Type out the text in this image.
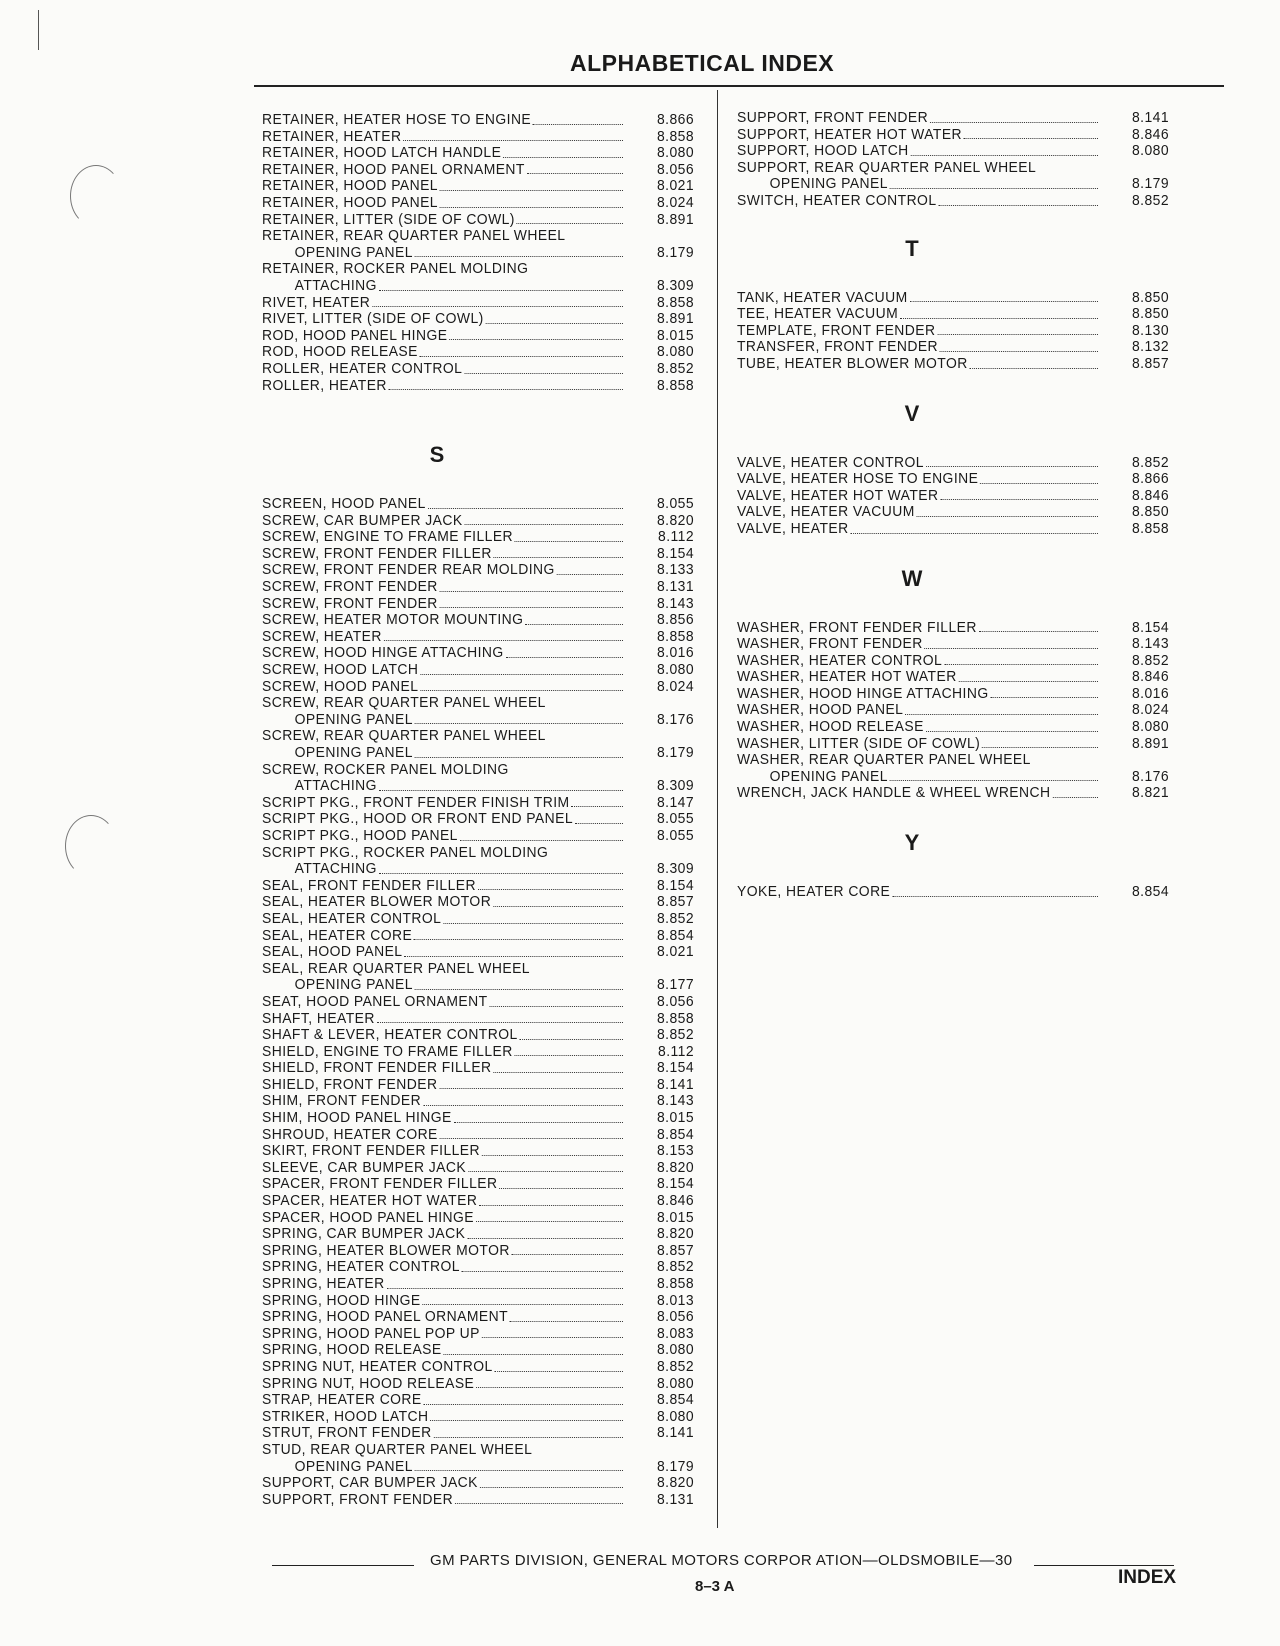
ALPHABETICAL INDEX
RETAINER, HEATER HOSE TO ENGINE	8.866
RETAINER, HEATER	8.858
RETAINER, HOOD LATCH HANDLE	8.080
RETAINER, HOOD PANEL ORNAMENT	8.056
RETAINER, HOOD PANEL	8.021
RETAINER, HOOD PANEL	8.024
RETAINER, LITTER (SIDE OF COWL)	8.891
RETAINER, REAR QUARTER PANEL WHEEL
OPENING PANEL	8.179
RETAINER, ROCKER PANEL MOLDING
ATTACHING	8.309
RIVET, HEATER	8.858
RIVET, LITTER (SIDE OF COWL)	8.891
ROD, HOOD PANEL HINGE	8.015
ROD, HOOD RELEASE	8.080
ROLLER, HEATER CONTROL	8.852
ROLLER, HEATER	8.858
S
SCREEN, HOOD PANEL	8.055
SCREW, CAR BUMPER JACK	8.820
SCREW, ENGINE TO FRAME FILLER	8.112
SCREW, FRONT FENDER FILLER	8.154
SCREW, FRONT FENDER REAR MOLDING	8.133
SCREW, FRONT FENDER	8.131
SCREW, FRONT FENDER	8.143
SCREW, HEATER MOTOR MOUNTING	8.856
SCREW, HEATER	8.858
SCREW, HOOD HINGE ATTACHING	8.016
SCREW, HOOD LATCH	8.080
SCREW, HOOD PANEL	8.024
SCREW, REAR QUARTER PANEL WHEEL
OPENING PANEL	8.176
SCREW, REAR QUARTER PANEL WHEEL
OPENING PANEL	8.179
SCREW, ROCKER PANEL MOLDING
ATTACHING	8.309
SCRIPT PKG., FRONT FENDER FINISH TRIM	8.147
SCRIPT PKG., HOOD OR FRONT END PANEL	8.055
SCRIPT PKG., HOOD PANEL	8.055
SCRIPT PKG., ROCKER PANEL MOLDING
ATTACHING	8.309
SEAL, FRONT FENDER FILLER	8.154
SEAL, HEATER BLOWER MOTOR	8.857
SEAL, HEATER CONTROL	8.852
SEAL, HEATER CORE	8.854
SEAL, HOOD PANEL	8.021
SEAL, REAR QUARTER PANEL WHEEL
OPENING PANEL	8.177
SEAT, HOOD PANEL ORNAMENT	8.056
SHAFT, HEATER	8.858
SHAFT & LEVER, HEATER CONTROL	8.852
SHIELD, ENGINE TO FRAME FILLER	8.112
SHIELD, FRONT FENDER FILLER	8.154
SHIELD, FRONT FENDER	8.141
SHIM, FRONT FENDER	8.143
SHIM, HOOD PANEL HINGE	8.015
SHROUD, HEATER CORE	8.854
SKIRT, FRONT FENDER FILLER	8.153
SLEEVE, CAR BUMPER JACK	8.820
SPACER, FRONT FENDER FILLER	8.154
SPACER, HEATER HOT WATER	8.846
SPACER, HOOD PANEL HINGE	8.015
SPRING, CAR BUMPER JACK	8.820
SPRING, HEATER BLOWER MOTOR	8.857
SPRING, HEATER CONTROL	8.852
SPRING, HEATER	8.858
SPRING, HOOD HINGE	8.013
SPRING, HOOD PANEL ORNAMENT	8.056
SPRING, HOOD PANEL POP UP	8.083
SPRING, HOOD RELEASE	8.080
SPRING NUT, HEATER CONTROL	8.852
SPRING NUT, HOOD RELEASE	8.080
STRAP, HEATER CORE	8.854
STRIKER, HOOD LATCH	8.080
STRUT, FRONT FENDER	8.141
STUD, REAR QUARTER PANEL WHEEL
OPENING PANEL	8.179
SUPPORT, CAR BUMPER JACK	8.820
SUPPORT, FRONT FENDER	8.131
SUPPORT, FRONT FENDER	8.141
SUPPORT, HEATER HOT WATER	8.846
SUPPORT, HOOD LATCH	8.080
SUPPORT, REAR QUARTER PANEL WHEEL
OPENING PANEL	8.179
SWITCH, HEATER CONTROL	8.852
T
TANK, HEATER VACUUM	8.850
TEE, HEATER VACUUM	8.850
TEMPLATE, FRONT FENDER	8.130
TRANSFER, FRONT FENDER	8.132
TUBE, HEATER BLOWER MOTOR	8.857
V
VALVE, HEATER CONTROL	8.852
VALVE, HEATER HOSE TO ENGINE	8.866
VALVE, HEATER HOT WATER	8.846
VALVE, HEATER VACUUM	8.850
VALVE, HEATER	8.858
W
WASHER, FRONT FENDER FILLER	8.154
WASHER, FRONT FENDER	8.143
WASHER, HEATER CONTROL	8.852
WASHER, HEATER HOT WATER	8.846
WASHER, HOOD HINGE ATTACHING	8.016
WASHER, HOOD PANEL	8.024
WASHER, HOOD RELEASE	8.080
WASHER, LITTER (SIDE OF COWL)	8.891
WASHER, REAR QUARTER PANEL WHEEL
OPENING PANEL	8.176
WRENCH, JACK HANDLE & WHEEL WRENCH	8.821
Y
YOKE, HEATER CORE	8.854
GM PARTS DIVISION, GENERAL MOTORS CORPOR ATION—OLDSMOBILE—30
8–3 A	INDEX
